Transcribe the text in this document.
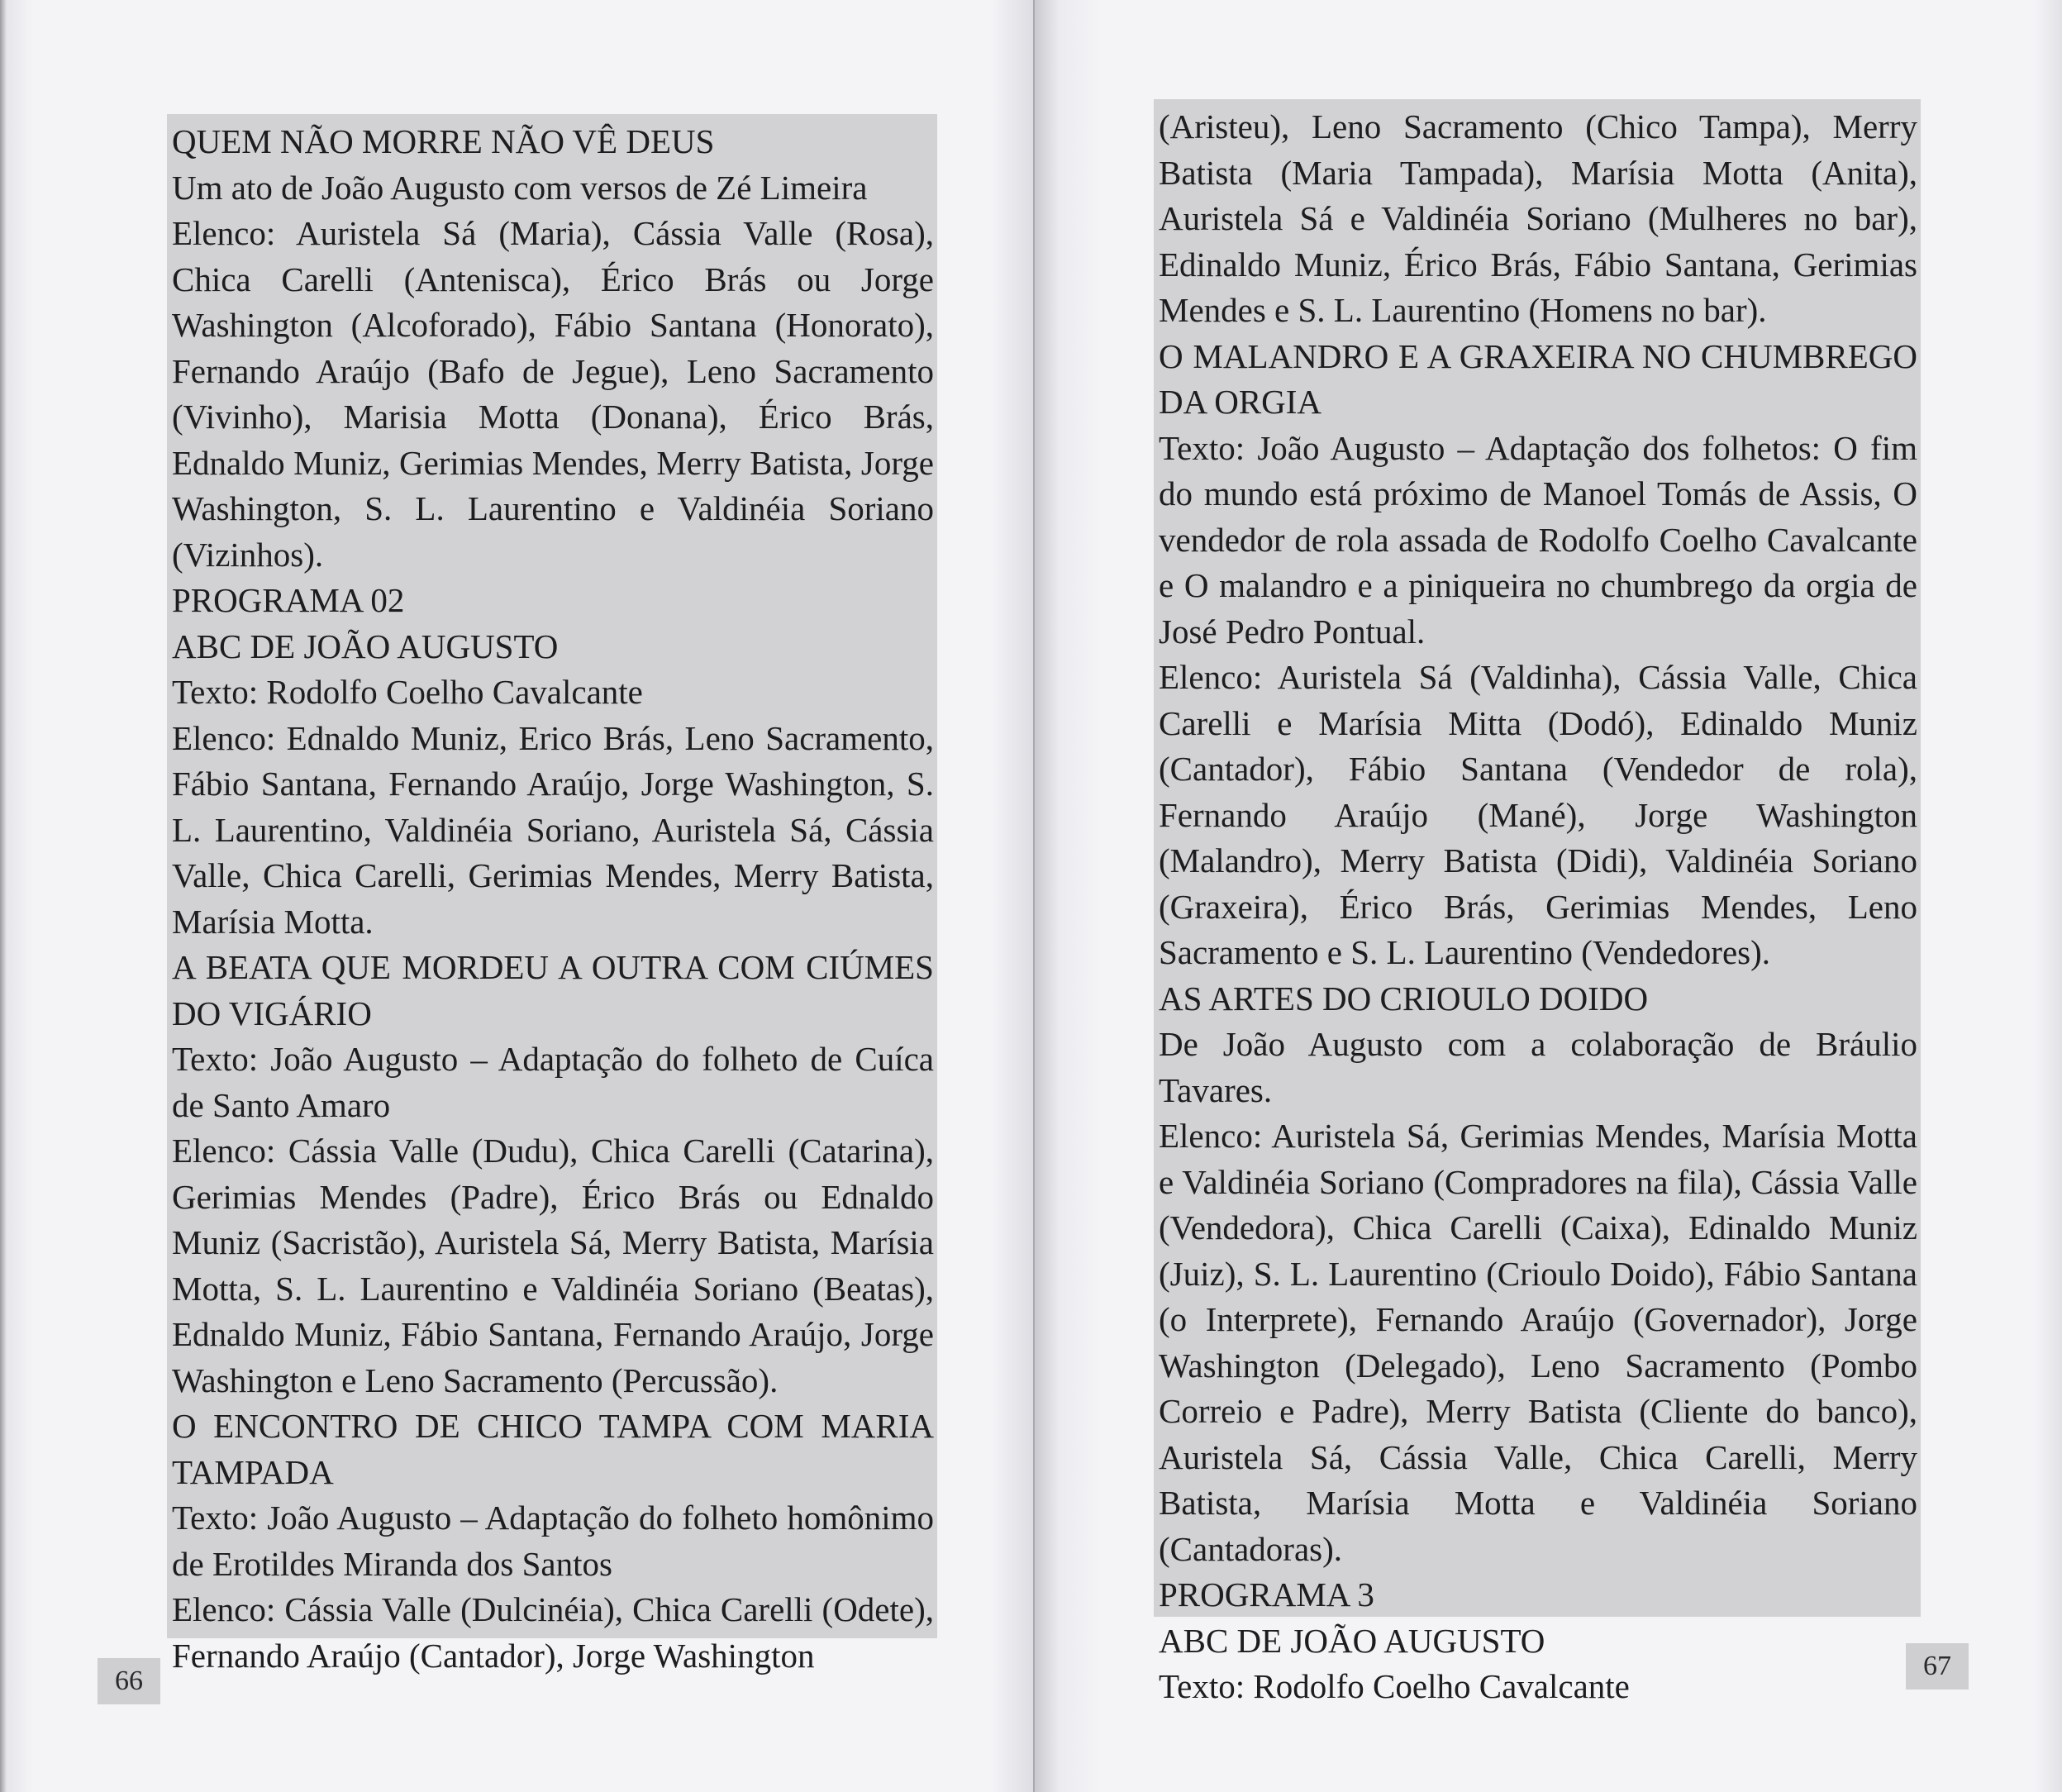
QUEM NÃO MORRE NÃO VÊ DEUS

Um ato de João Augusto com versos de Zé Limeira

Elenco: Auristela Sá (Maria), Cássia Valle (Rosa), Chica Carelli (Antenisca), Érico Brás ou Jorge Washington (Alcoforado), Fábio Santana (Honorato), Fernando Araújo (Bafo de Jegue), Leno Sacramento (Vivinho), Marisia Motta (Donana), Érico Brás, Ednaldo Muniz, Gerimias Mendes, Merry Batista, Jorge Washington, S. L. Laurentino e Valdinéia Soriano (Vizinhos).

PROGRAMA 02

ABC DE JOÃO AUGUSTO

Texto: Rodolfo Coelho Cavalcante

Elenco: Ednaldo Muniz, Erico Brás, Leno Sacramento, Fábio Santana, Fernando Araújo, Jorge Washington, S. L. Laurentino, Valdinéia Soriano, Auristela Sá, Cássia Valle, Chica Carelli, Gerimias Mendes, Merry Batista, Marísia Motta.

A BEATA QUE MORDEU A OUTRA COM CIÚMES DO VIGÁRIO

Texto: João Augusto – Adaptação do folheto de Cuíca de Santo Amaro

Elenco: Cássia Valle (Dudu), Chica Carelli (Catarina), Gerimias Mendes (Padre), Érico Brás ou Ednaldo Muniz (Sacristão), Auristela Sá, Merry Batista, Marísia Motta, S. L. Laurentino e Valdinéia Soriano (Beatas), Ednaldo Muniz, Fábio Santana, Fernando Araújo, Jorge Washington e Leno Sacramento (Percussão).

O ENCONTRO DE CHICO TAMPA COM MARIA TAMPADA

Texto: João Augusto – Adaptação do folheto homônimo de Erotildes Miranda dos Santos

Elenco: Cássia Valle (Dulcinéia), Chica Carelli (Odete), Fernando Araújo (Cantador), Jorge Washington

66

(Aristeu), Leno Sacramento (Chico Tampa), Merry Batista (Maria Tampada), Marísia Motta (Anita), Auristela Sá e Valdinéia Soriano (Mulheres no bar), Edinaldo Muniz, Érico Brás, Fábio Santana, Gerimias Mendes e S. L. Laurentino (Homens no bar).

O MALANDRO E A GRAXEIRA NO CHUMBREGO DA ORGIA

Texto: João Augusto – Adaptação dos folhetos: O fim do mundo está próximo de Manoel Tomás de Assis, O vendedor de rola assada de Rodolfo Coelho Cavalcante e O malandro e a piniqueira no chumbrego da orgia de José Pedro Pontual.

Elenco: Auristela Sá (Valdinha), Cássia Valle, Chica Carelli e Marísia Mitta (Dodó), Edinaldo Muniz (Cantador), Fábio Santana (Vendedor de rola), Fernando Araújo (Mané), Jorge Washington (Malandro), Merry Batista (Didi), Valdinéia Soriano (Graxeira), Érico Brás, Gerimias Mendes, Leno Sacramento e S. L. Laurentino (Vendedores).

AS ARTES DO CRIOULO DOIDO

De João Augusto com a colaboração de Bráulio Tavares.

Elenco: Auristela Sá, Gerimias Mendes, Marísia Motta e Valdinéia Soriano (Compradores na fila), Cássia Valle (Vendedora), Chica Carelli (Caixa), Edinaldo Muniz (Juiz), S. L. Laurentino (Crioulo Doido), Fábio Santana (o Interprete), Fernando Araújo (Governador), Jorge Washington (Delegado), Leno Sacramento (Pombo Correio e Padre), Merry Batista (Cliente do banco), Auristela Sá, Cássia Valle, Chica Carelli, Merry Batista, Marísia Motta e Valdinéia Soriano (Cantadoras).

PROGRAMA 3

ABC DE JOÃO AUGUSTO

Texto: Rodolfo Coelho Cavalcante

67
